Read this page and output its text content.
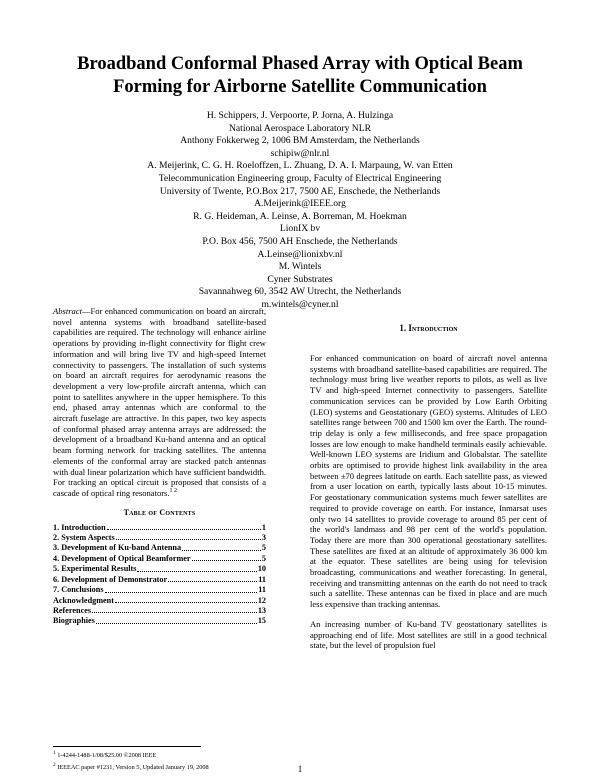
Broadband Conformal Phased Array with Optical Beam
Forming for Airborne Satellite Communication
H. Schippers, J. Verpoorte, P. Jorna, A. Hulzinga
National Aerospace Laboratory NLR
Anthony Fokkerweg 2, 1006 BM Amsterdam, the Netherlands
schipiw@nlr.nl
A. Meijerink, C. G. H. Roeloffzen, L. Zhuang, D. A. I. Marpaung, W. van Etten
Telecommunication Engineering group, Faculty of Electrical Engineering
University of Twente, P.O.Box 217, 7500 AE, Enschede, the Netherlands
A.Meijerink@IEEE.org
R. G. Heideman, A. Leinse, A. Borreman, M. Hoekman
LionIX bv
P.O. Box 456, 7500 AH Enschede, the Netherlands
A.Leinse@lionixbv.nl
M. Wintels
Cyner Substrates
Savannahweg 60, 3542 AW Utrecht, the Netherlands
m.wintels@cyner.nl

Abstract—For enhanced communication on board an aircraft, novel antenna systems with broadband satellite-based capabilities are required. The technology will enhance airline operations by providing in-flight connectivity for flight crew information and will bring live TV and high-speed Internet connectivity to passengers. The installation of such systems on board an aircraft requires for aerodynamic reasons the development a very low-profile aircraft antenna, which can point to satellites anywhere in the upper hemisphere. To this end, phased array antennas which are conformal to the aircraft fuselage are attractive. In this paper, two key aspects of conformal phased array antenna arrays are addressed: the development of a broadband Ku-band antenna and an optical beam forming network for tracking satellites. The antenna elements of the conformal array are stacked patch antennas with dual linear polarization which have sufficient bandwidth. For tracking an optical circuit is proposed that consists of a cascade of optical ring resonators.$^{1 2}$

Table of Contents
1. Introduction	1
2. System Aspects	3
3. Development of Ku-band Antenna	5
4. Development of Optical Beamformer	5
5. Experimental Results	10
6. Development of Demonstrator	11
7. Conclusions	11
Acknowledgment	12
References	13
Biographies	15
$^1$ 1-4244-1488-1/08/$25.00 ©2008 IEEE
$^2$ IEEEAC paper #1231, Version 5, Updated January 19, 2008
1. Introduction

For enhanced communication on board of aircraft novel antenna systems with broadband satellite-based capabilities are required. The technology must bring live weather reports to pilots, as well as live TV and high-speed Internet connectivity to passengers. Satellite communication services can be provided by Low Earth Orbiting (LEO) systems and Geostationary (GEO) systems. Altitudes of LEO satellites range between 700 and 1500 km over the Earth. The round-trip delay is only a few milliseconds, and free space propagation losses are low enough to make handheld terminals easily achievable. Well-known LEO systems are Iridium and Globalstar. The satellite orbits are optimised to provide highest link availability in the area between ±70 degrees latitude on earth. Each satellite pass, as viewed from a user location on earth, typically lasts about 10-15 minutes. For geostationary communication systems much fewer satellites are required to provide coverage on earth. For instance, Inmarsat uses only two 14 satellites to provide coverage to around 85 per cent of the world's landmass and 98 per cent of the world's population. Today there are more than 300 operational geostationary satellites. These satellites are fixed at an altitude of approximately 36 000 km at the equator. These satellites are being using for television broadcasting, communications and weather forecasting. In general, receiving and transmitting antennas on the earth do not need to track such a satellite. These antennas can be fixed in place and are much less expensive than tracking antennas.

An increasing number of Ku-band TV geostationary satellites is approaching end of life. Most satellites are still in a good technical state, but the level of propulsion fuel

1
